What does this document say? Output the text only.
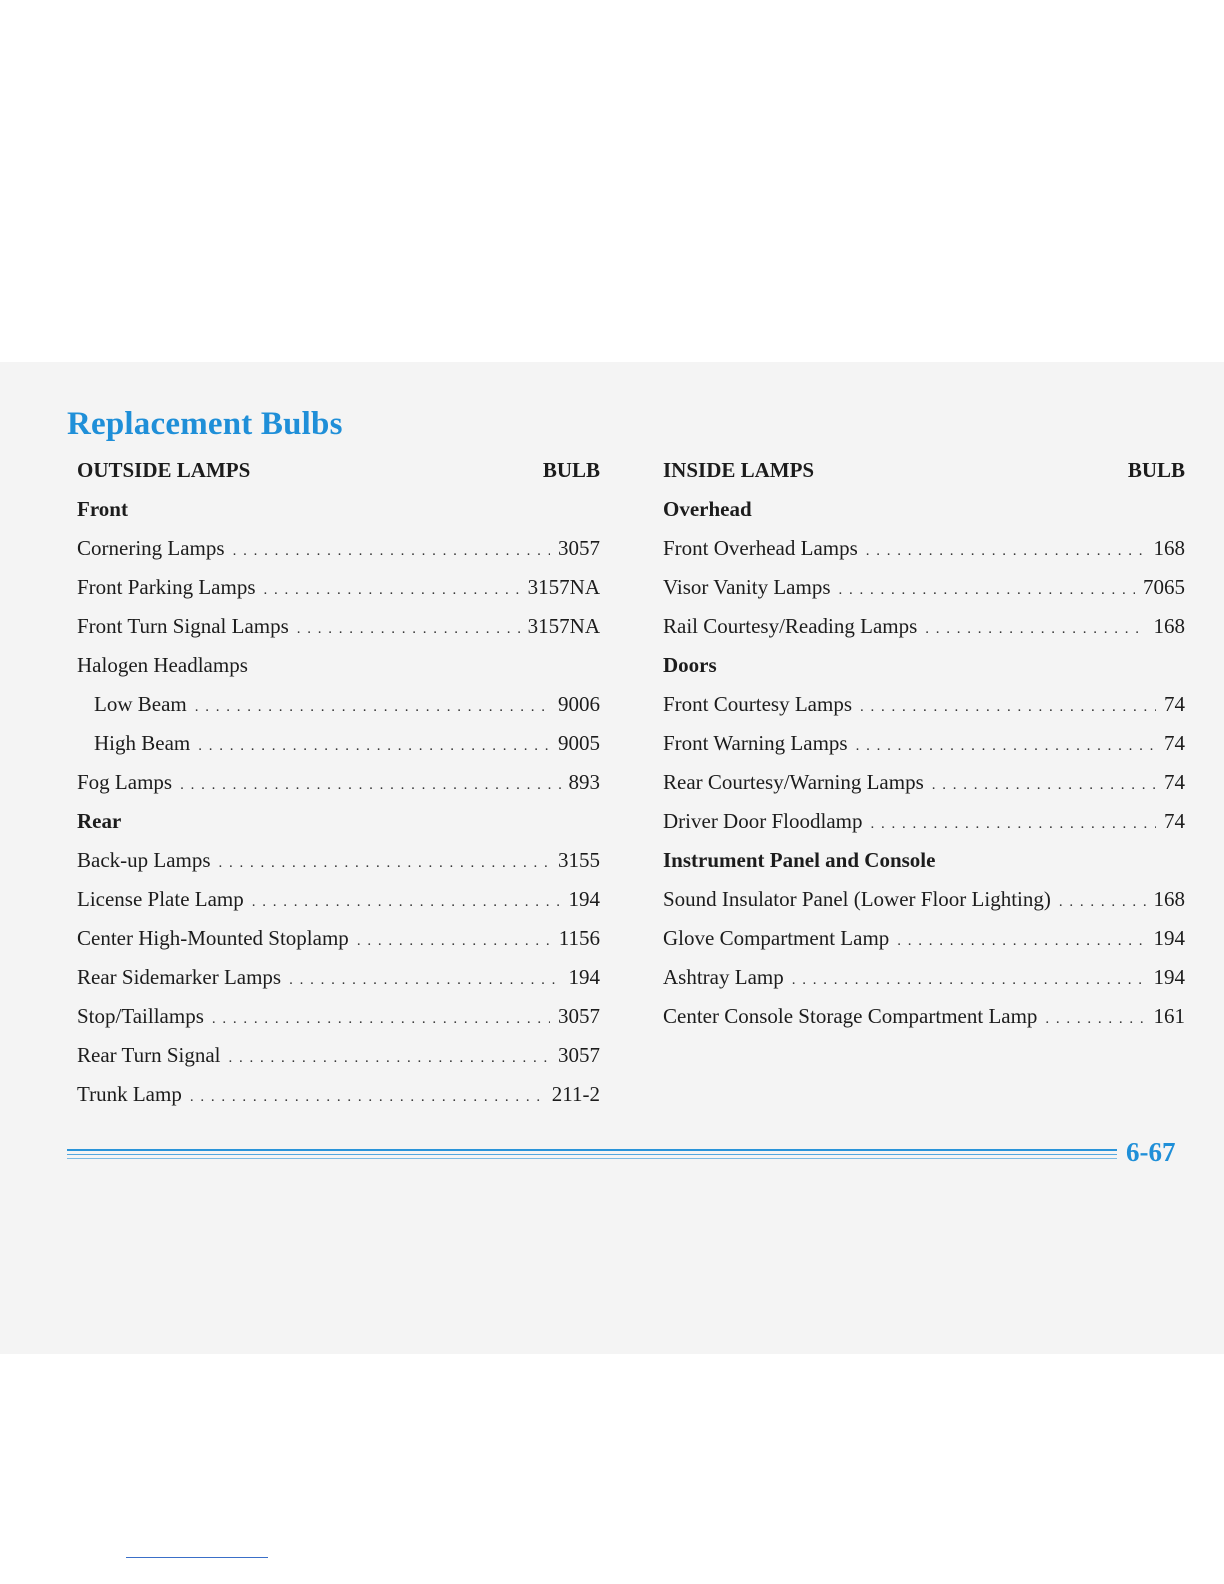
Replacement Bulbs
OUTSIDE LAMPS	BULB
Front
Cornering Lamps . . .	3057
Front Parking Lamps . . .	3157NA
Front Turn Signal Lamps . . .	3157NA
Halogen Headlamps
Low Beam . . .	9006
High Beam . . .	9005
Fog Lamps . . .	893
Rear
Back-up Lamps . . .	3155
License Plate Lamp . . .	194
Center High-Mounted Stoplamp . . .	1156
Rear Sidemarker Lamps . . .	194
Stop/Taillamps . . .	3057
Rear Turn Signal . . .	3057
Trunk Lamp . . .	211-2
INSIDE LAMPS	BULB
Overhead
Front Overhead Lamps . . .	168
Visor Vanity Lamps . . .	7065
Rail Courtesy/Reading Lamps . . .	168
Doors
Front Courtesy Lamps . . .	74
Front Warning Lamps . . .	74
Rear Courtesy/Warning Lamps . . .	74
Driver Door Floodlamp . . .	74
Instrument Panel and Console
Sound Insulator Panel (Lower Floor Lighting) . . .	168
Glove Compartment Lamp . . .	194
Ashtray Lamp . . .	194
Center Console Storage Compartment Lamp . . .	161
6-67
